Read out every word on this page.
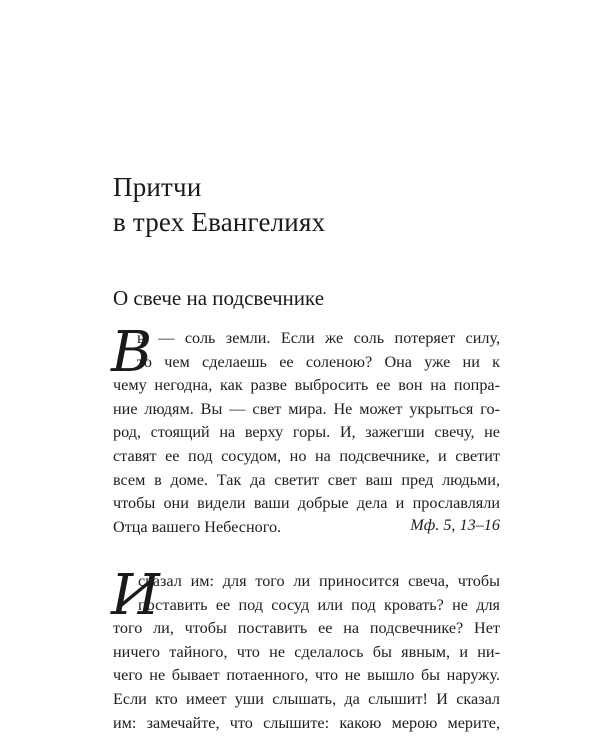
Притчи
в трех Евангелиях
О свече на подсвечнике
В
ы — соль земли. Если же соль потеряет силу,
то чем сделаешь ее соленою? Она уже ни к
чему негодна, как разве выбросить ее вон на попра-
ние людям. Вы — свет мира. Не может укрыться го-
род, стоящий на верху горы. И, зажегши свечу, не
ставят ее под сосудом, но на подсвечнике, и светит
всем в доме. Так да светит свет ваш пред людьми,
чтобы они видели ваши добрые дела и прославляли
Отца вашего Небесного.	Мф. 5, 13–16
И
сказал им: для того ли приносится свеча, чтобы
поставить ее под сосуд или под кровать? не для
того ли, чтобы поставить ее на подсвечнике? Нет
ничего тайного, что не сделалось бы явным, и ни-
чего не бывает потаенного, что не вышло бы наружу.
Если кто имеет уши слышать, да слышит! И сказал
им: замечайте, что слышите: какою мерою мерите,
